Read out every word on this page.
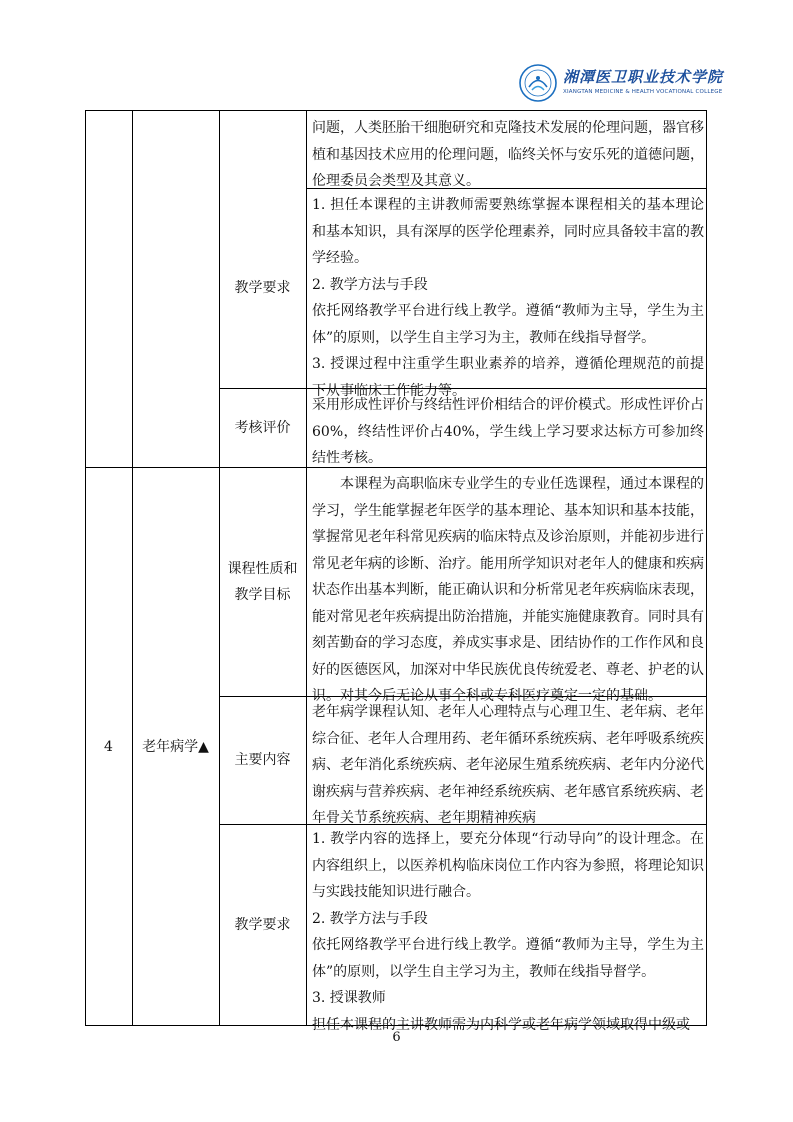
湘潭医卫职业技术学院
XIANGTAN MEDICINE & HEALTH VOCATIONAL COLLEGE

问题，人类胚胎干细胞研究和克隆技术发展的伦理问题，器官移植和基因技术应用的伦理问题，临终关怀与安乐死的道德问题，伦理委员会类型及其意义。

教学要求

1. 担任本课程的主讲教师需要熟练掌握本课程相关的基本理论和基本知识，具有深厚的医学伦理素养，同时应具备较丰富的教学经验。

2. 教学方法与手段

依托网络教学平台进行线上教学。遵循“教师为主导，学生为主体”的原则，以学生自主学习为主，教师在线指导督学。

3. 授课过程中注重学生职业素养的培养，遵循伦理规范的前提下从事临床工作能力等。

考核评价

采用形成性评价与终结性评价相结合的评价模式。形成性评价占60%，终结性评价占40%，学生线上学习要求达标方可参加终结性考核。

4 老年病学▲
课程性质和教学目标

本课程为高职临床专业学生的专业任选课程，通过本课程的学习，学生能掌握老年医学的基本理论、基本知识和基本技能，掌握常见老年科常见疾病的临床特点及诊治原则，并能初步进行常见老年病的诊断、治疗。能用所学知识对老年人的健康和疾病状态作出基本判断，能正确认识和分析常见老年疾病临床表现，能对常见老年疾病提出防治措施，并能实施健康教育。同时具有刻苦勤奋的学习态度，养成实事求是、团结协作的工作作风和良好的医德医风，加深对中华民族优良传统爱老、尊老、护老的认识。对其今后无论从事全科或专科医疗奠定一定的基础。

主要内容

老年病学课程认知、老年人心理特点与心理卫生、老年病、老年综合征、老年人合理用药、老年循环系统疾病、老年呼吸系统疾病、老年消化系统疾病、老年泌尿生殖系统疾病、老年内分泌代谢疾病与营养疾病、老年神经系统疾病、老年感官系统疾病、老年骨关节系统疾病、老年期精神疾病

教学要求

1. 教学内容的选择上，要充分体现“行动导向”的设计理念。在内容组织上，以医养机构临床岗位工作内容为参照，将理论知识与实践技能知识进行融合。

2. 教学方法与手段

依托网络教学平台进行线上教学。遵循“教师为主导，学生为主体”的原则，以学生自主学习为主，教师在线指导督学。

3. 授课教师

担任本课程的主讲教师需为内科学或老年病学领域取得中级或

6
